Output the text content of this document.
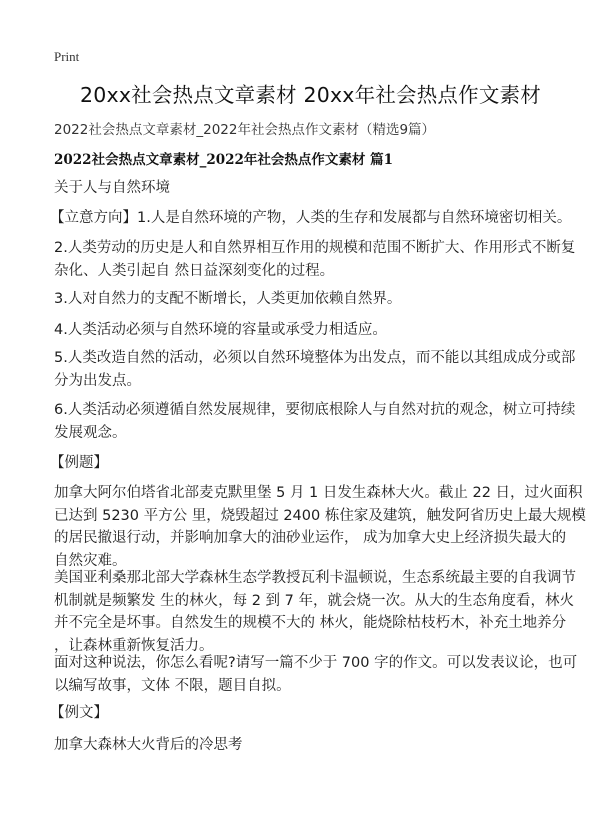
Print
20xx社会热点文章素材 20xx年社会热点作文素材
2022社会热点文章素材_2022年社会热点作文素材（精选9篇）
2022社会热点文章素材_2022年社会热点作文素材 篇1
关于人与自然环境
【立意方向】1.人是自然环境的产物，人类的生存和发展都与自然环境密切相关。
2.人类劳动的历史是人和自然界相互作用的规模和范围不断扩大、作用形式不断复
杂化、人类引起自 然日益深刻变化的过程。
3.人对自然力的支配不断增长，人类更加依赖自然界。
4.人类活动必须与自然环境的容量或承受力相适应。
5.人类改造自然的活动，必须以自然环境整体为出发点，而不能以其组成成分或部
分为出发点。
6.人类活动必须遵循自然发展规律，要彻底根除人与自然对抗的观念，树立可持续
发展观念。
【例题】
加拿大阿尔伯塔省北部麦克默里堡 5 月 1 日发生森林大火。截止 22 日，过火面积
已达到 5230 平方公 里，烧毁超过 2400 栋住家及建筑，触发阿省历史上最大规模
的居民撤退行动，并影响加拿大的油砂业运作， 成为加拿大史上经济损失最大的
自然灾难。
美国亚利桑那北部大学森林生态学教授瓦利卡温顿说，生态系统最主要的自我调节
机制就是频繁发 生的林火，每 2 到 7 年，就会烧一次。从大的生态角度看，林火
并不完全是坏事。自然发生的规模不大的 林火，能烧除枯枝朽木，补充土地养分
，让森林重新恢复活力。
面对这种说法，你怎么看呢?请写一篇不少于 700 字的作文。可以发表议论，也可
以编写故事，文体 不限，题目自拟。
【例文】
加拿大森林大火背后的冷思考
